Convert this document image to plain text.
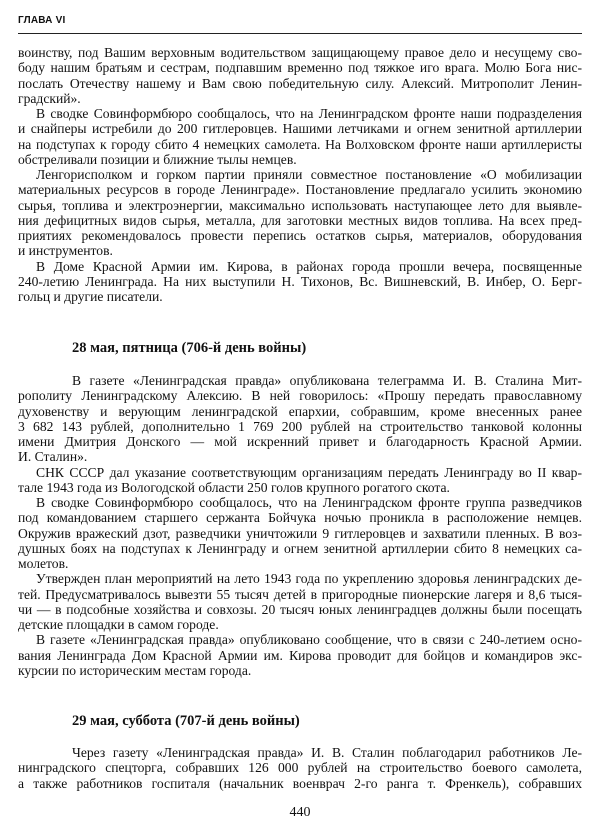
ГЛАВА VI
воинству, под Вашим верховным водительством защищающему правое дело и несущему сво-
боду нашим братьям и сестрам, подпавшим временно под тяжкое иго врага. Молю Бога нис-
послать Отечеству нашему и Вам свою победительную силу. Алексий. Митрополит Ленин-
градский».
В сводке Совинформбюро сообщалось, что на Ленинградском фронте наши подразделения
и снайперы истребили до 200 гитлеровцев. Нашими летчиками и огнем зенитной артиллерии
на подступах к городу сбито 4 немецких самолета. На Волховском фронте наши артиллеристы
обстреливали позиции и ближние тылы немцев.
Ленгорисполком и горком партии приняли совместное постановление «О мобилизации
материальных ресурсов в городе Ленинграде». Постановление предлагало усилить экономию
сырья, топлива и электроэнергии, максимально использовать наступающее лето для выявле-
ния дефицитных видов сырья, металла, для заготовки местных видов топлива. На всех пред-
приятиях рекомендовалось провести перепись остатков сырья, материалов, оборудования
и инструментов.
В Доме Красной Армии им. Кирова, в районах города прошли вечера, посвященные
240-летию Ленинграда. На них выступили Н. Тихонов, Вс. Вишневский, В. Инбер, О. Берг-
гольц и другие писатели.
28 мая, пятница (706-й день войны)
В газете «Ленинградская правда» опубликована телеграмма И. В. Сталина Мит-
рополиту Ленинградскому Алексию. В ней говорилось: «Прошу передать православному
духовенству и верующим ленинградской епархии, собравшим, кроме внесенных ранее
3 682 143 рублей, дополнительно 1 769 200 рублей на строительство танковой колонны
имени Дмитрия Донского — мой искренний привет и благодарность Красной Армии.
И. Сталин».
СНК СССР дал указание соответствующим организациям передать Ленинграду во II квар-
тале 1943 года из Вологодской области 250 голов крупного рогатого скота.
В сводке Совинформбюро сообщалось, что на Ленинградском фронте группа разведчиков
под командованием старшего сержанта Бойчука ночью проникла в расположение немцев.
Окружив вражеский дзот, разведчики уничтожили 9 гитлеровцев и захватили пленных. В воз-
душных боях на подступах к Ленинграду и огнем зенитной артиллерии сбито 8 немецких са-
молетов.
Утвержден план мероприятий на лето 1943 года по укреплению здоровья ленинградских де-
тей. Предусматривалось вывезти 55 тысяч детей в пригородные пионерские лагеря и 8,6 тыся-
чи — в подсобные хозяйства и совхозы. 20 тысяч юных ленинградцев должны были посещать
детские площадки в самом городе.
В газете «Ленинградская правда» опубликовано сообщение, что в связи с 240-летием осно-
вания Ленинграда Дом Красной Армии им. Кирова проводит для бойцов и командиров экс-
курсии по историческим местам города.
29 мая, суббота (707-й день войны)
Через газету «Ленинградская правда» И. В. Сталин поблагодарил работников Ле-
нинградского спецторга, собравших 126 000 рублей на строительство боевого самолета,
а также работников госпиталя (начальник военврач 2-го ранга т. Френкель), собравших
440
